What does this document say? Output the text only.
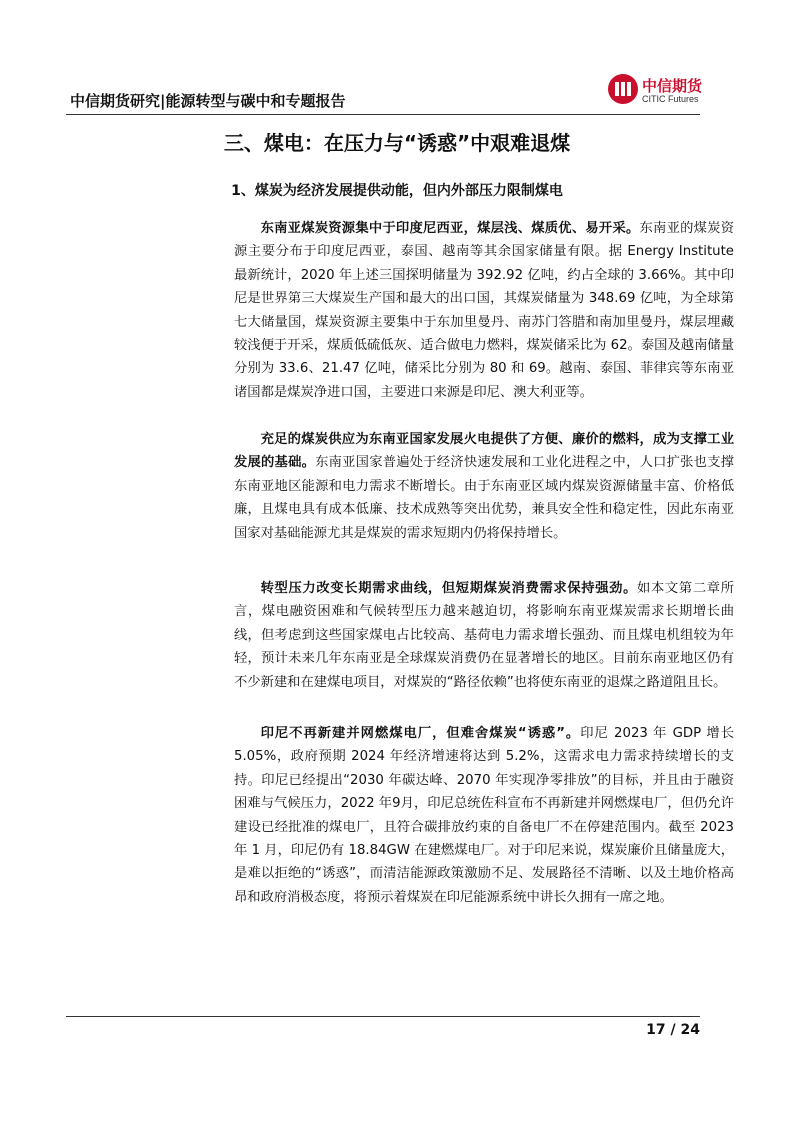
中信期货研究|能源转型与碳中和专题报告
中信期货
CITIC Futures
三、煤电：在压力与“诱惑”中艰难退煤
1、煤炭为经济发展提供动能，但内外部压力限制煤电
东南亚煤炭资源集中于印度尼西亚，煤层浅、煤质优、易开采。东南亚的煤炭资源主要分布于印度尼西亚，泰国、越南等其余国家储量有限。据 Energy Institute 最新统计，2020 年上述三国探明储量为 392.92 亿吨，约占全球的 3.66%。其中印尼是世界第三大煤炭生产国和最大的出口国，其煤炭储量为 348.69 亿吨，为全球第七大储量国，煤炭资源主要集中于东加里曼丹、南苏门答腊和南加里曼丹，煤层埋藏较浅便于开采，煤质低硫低灰、适合做电力燃料，煤炭储采比为 62。泰国及越南储量分别为 33.6、21.47 亿吨，储采比分别为 80 和 69。越南、泰国、菲律宾等东南亚诸国都是煤炭净进口国，主要进口来源是印尼、澳大利亚等。
充足的煤炭供应为东南亚国家发展火电提供了方便、廉价的燃料，成为支撑工业发展的基础。东南亚国家普遍处于经济快速发展和工业化进程之中，人口扩张也支撑东南亚地区能源和电力需求不断增长。由于东南亚区域内煤炭资源储量丰富、价格低廉，且煤电具有成本低廉、技术成熟等突出优势，兼具安全性和稳定性，因此东南亚国家对基础能源尤其是煤炭的需求短期内仍将保持增长。
转型压力改变长期需求曲线，但短期煤炭消费需求保持强劲。如本文第二章所言，煤电融资困难和气候转型压力越来越迫切，将影响东南亚煤炭需求长期增长曲线，但考虑到这些国家煤电占比较高、基荷电力需求增长强劲、而且煤电机组较为年轻，预计未来几年东南亚是全球煤炭消费仍在显著增长的地区。目前东南亚地区仍有不少新建和在建煤电项目，对煤炭的“路径依赖”也将使东南亚的退煤之路道阻且长。
印尼不再新建并网燃煤电厂，但难舍煤炭“诱惑”。印尼 2023 年 GDP 增长 5.05%，政府预期 2024 年经济增速将达到 5.2%，这需求电力需求持续增长的支持。印尼已经提出“2030 年碳达峰、2070 年实现净零排放”的目标，并且由于融资困难与气候压力，2022 年9月，印尼总统佐科宣布不再新建并网燃煤电厂，但仍允许建设已经批准的煤电厂，且符合碳排放约束的自备电厂不在停建范围内。截至 2023 年 1 月，印尼仍有 18.84GW 在建燃煤电厂。对于印尼来说，煤炭廉价且储量庞大，是难以拒绝的“诱惑”，而清洁能源政策激励不足、发展路径不清晰、以及土地价格高昂和政府消极态度，将预示着煤炭在印尼能源系统中讲长久拥有一席之地。
17 / 24
